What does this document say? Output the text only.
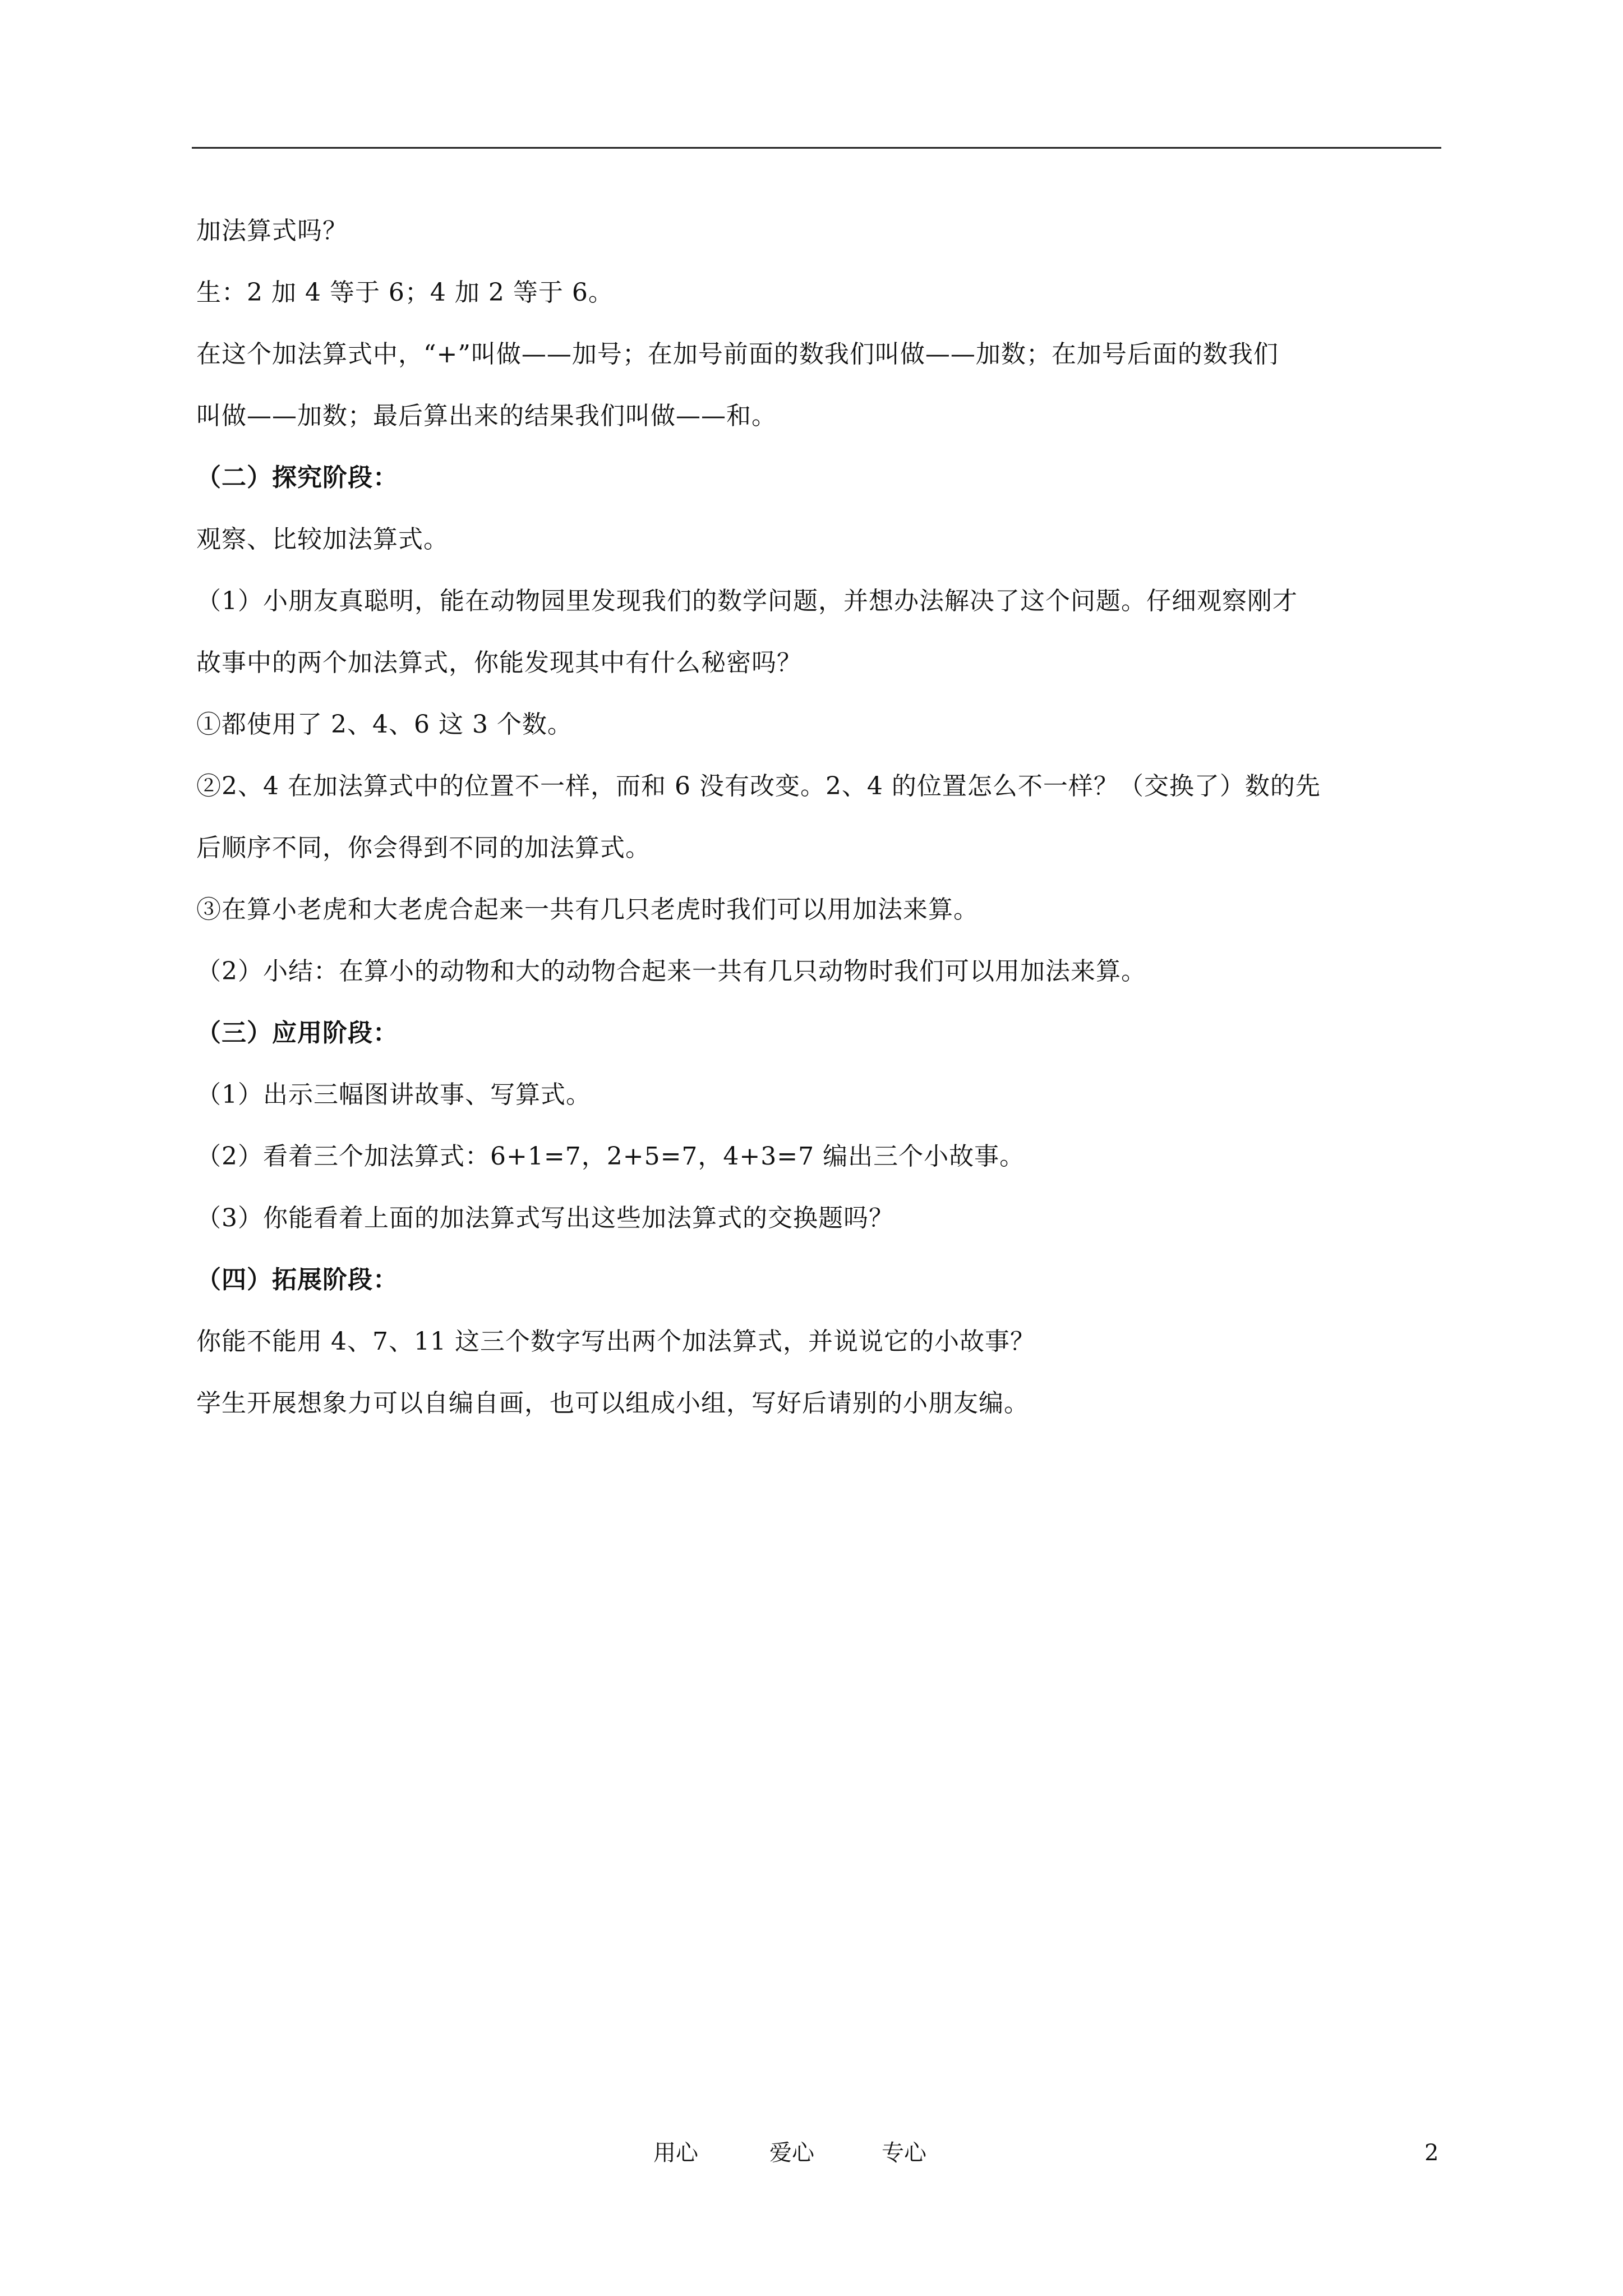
加法算式吗？
生：2 加 4 等于 6；4 加 2 等于 6。
在这个加法算式中，“+”叫做——加号；在加号前面的数我们叫做——加数；在加号后面的数我们
叫做——加数；最后算出来的结果我们叫做——和。
（二）探究阶段：
观察、比较加法算式。
（1）小朋友真聪明，能在动物园里发现我们的数学问题，并想办法解决了这个问题。仔细观察刚才
故事中的两个加法算式，你能发现其中有什么秘密吗？
①都使用了 2、4、6 这 3 个数。
②2、4 在加法算式中的位置不一样，而和 6 没有改变。2、4 的位置怎么不一样？（交换了）数的先
后顺序不同，你会得到不同的加法算式。
③在算小老虎和大老虎合起来一共有几只老虎时我们可以用加法来算。
（2）小结：在算小的动物和大的动物合起来一共有几只动物时我们可以用加法来算。
（三）应用阶段：
（1）出示三幅图讲故事、写算式。
（2）看着三个加法算式：6+1=7，2+5=7，4+3=7 编出三个小故事。
（3）你能看着上面的加法算式写出这些加法算式的交换题吗？
（四）拓展阶段：
你能不能用 4、7、11 这三个数字写出两个加法算式，并说说它的小故事？
学生开展想象力可以自编自画，也可以组成小组，写好后请别的小朋友编。
用心	爱心	专心	2
